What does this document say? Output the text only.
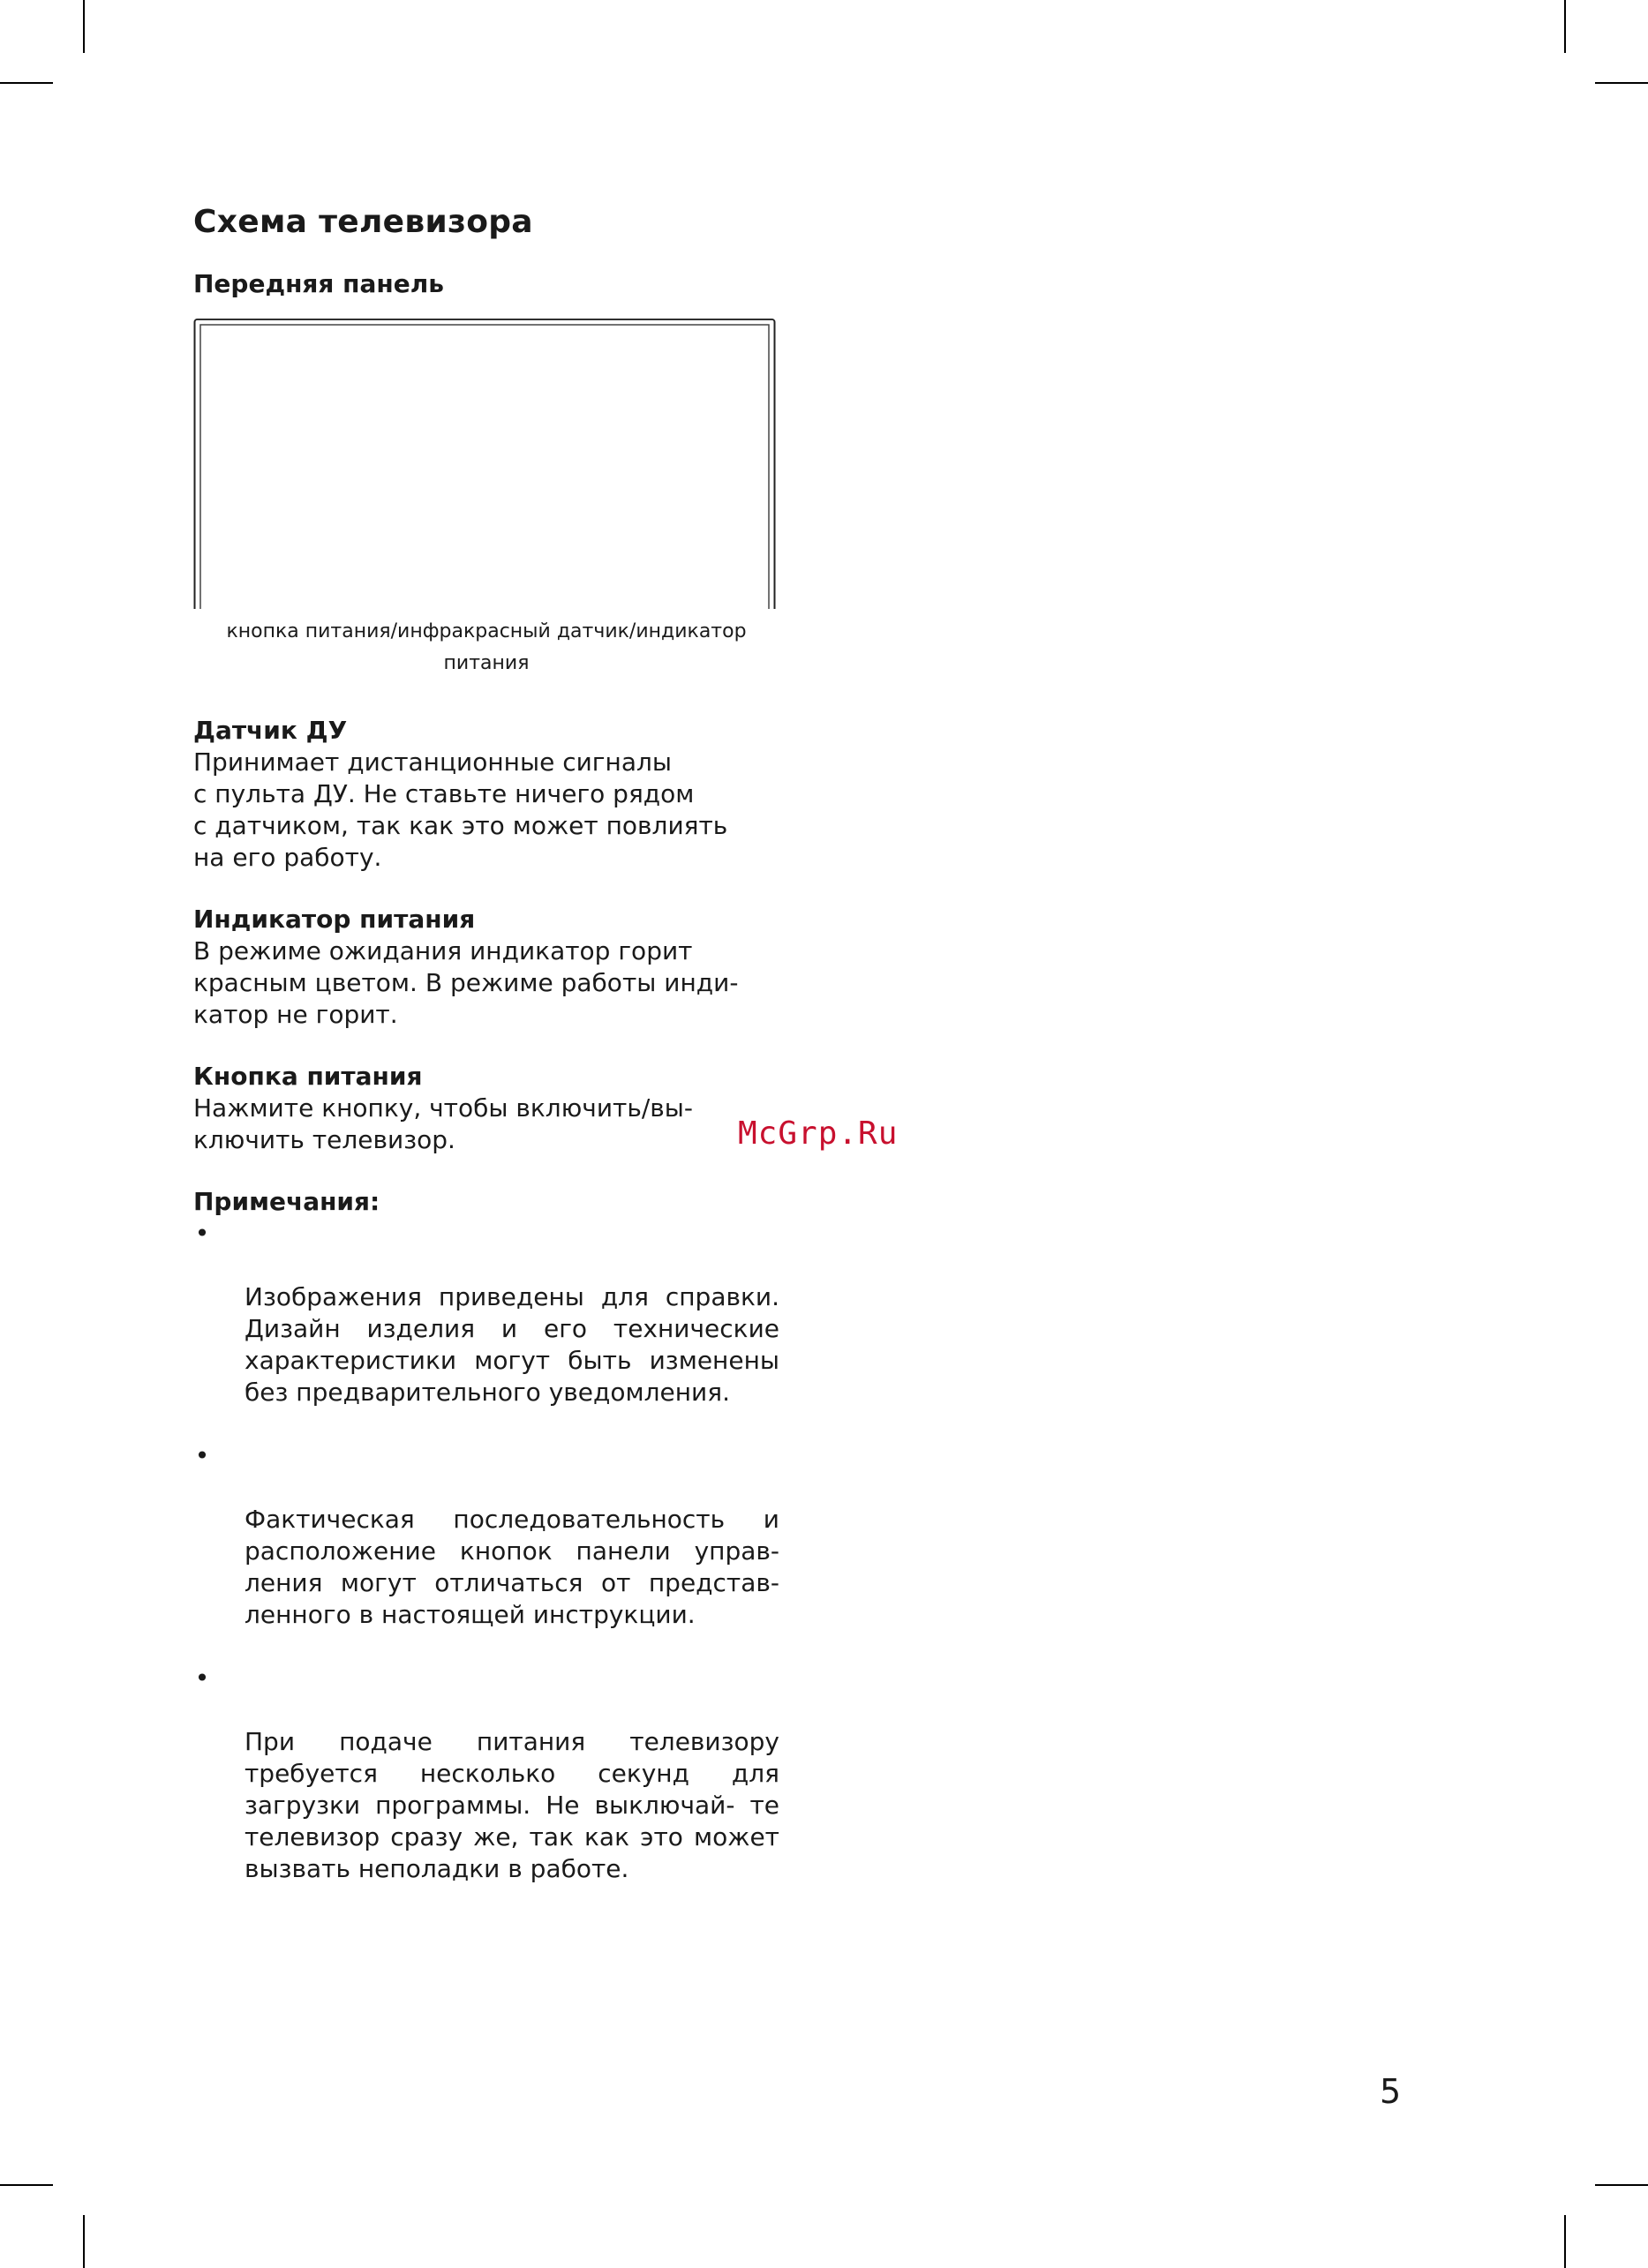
Схема телевизора
Передняя панель
кнопка питания/инфракрасный датчик/индикатор
питания
Датчик ДУ

Принимает дистанционные сигналы
с пульта ДУ. Не ставьте ничего рядом
с датчиком, так как это может повлиять
на его работу.

Индикатор питания

В режиме ожидания индикатор горит
красным цветом. В режиме работы инди-
катор не горит.

Кнопка питания

Нажмите кнопку, чтобы включить/вы-
ключить телевизор.

Примечания:

•

Изображения приведены для справки. Дизайн изделия и его технические характеристики могут быть изменены без предварительного уведомления.

•

Фактическая последовательность и расположение кнопок панели управ- ления могут отличаться от представ- ленного в настоящей инструкции.

•

При подаче питания телевизору требуется несколько секунд для загрузки программы. Не выключай- те телевизор сразу же, так как это может вызвать неполадки в работе.

McGrp.Ru
5
